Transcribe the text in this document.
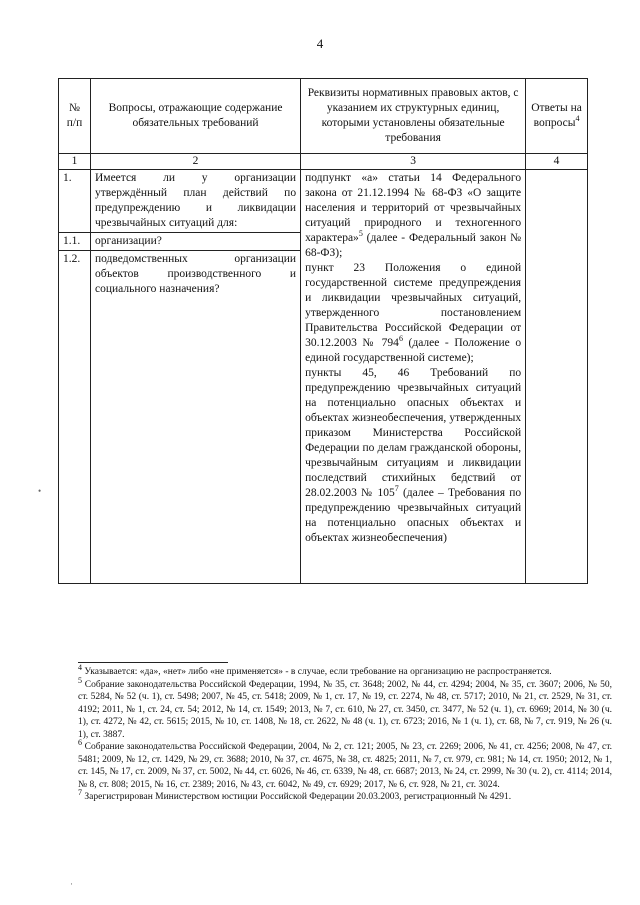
4
№
п/п	Вопросы, отражающие содержание обязательных требований	Реквизиты нормативных правовых актов, с указанием их структурных единиц, которыми установлены обязательные требования	Ответы на вопросы$^4$
1	2	3	4
1.	Имеется ли у организации утверждённый план действий по предупреждению и ликвидации чрезвычайных ситуаций для:	подпункт «а» статьи 14 Федерального закона от 21.12.1994 № 68-ФЗ «О защите населения и территорий от чрезвычайных ситуаций природного и техногенного характера»$^5$ (далее - Федеральный закон № 68-ФЗ);

пункт 23 Положения о единой государственной системе предупреждения и ликвидации чрезвычайных ситуаций, утвержденного постановлением Правительства Российской Федерации от 30.12.2003 № $794^6$ (далее - Положение о единой государственной системе);

пункты 45, 46 Требований по предупреждению чрезвычайных ситуаций на потенциально опасных объектах и объектах жизнеобеспечения, утвержденных приказом Министерства Российской Федерации по делам гражданской обороны, чрезвычайным ситуациям и ликвидации последствий стихийных бедствий от 28.02.2003 № $105^7$ (далее – Требования по предупреждению чрезвычайных ситуаций на потенциально опасных объектах и объектах жизнеобеспечения)	

1.1.	организации?		
1.2.	подведомственных организации объектов производственного и социального назначения?		
•
·

$^4$ Указывается: «да», «нет» либо «не применяется» - в случае, если требование на организацию не распространяется.

$^5$ Собрание законодательства Российской Федерации, 1994, № 35, ст. 3648; 2002, № 44, ст. 4294; 2004, № 35, ст. 3607; 2006, № 50, ст. 5284, № 52 (ч. 1), ст. 5498; 2007, № 45, ст. 5418; 2009, № 1, ст. 17, № 19, ст. 2274, № 48, ст. 5717; 2010, № 21, ст. 2529, № 31, ст. 4192; 2011, № 1, ст. 24, ст. 54; 2012, № 14, ст. 1549; 2013, № 7, ст. 610, № 27, ст. 3450, ст. 3477, № 52 (ч. 1), ст. 6969; 2014, № 30 (ч. 1), ст. 4272, № 42, ст. 5615; 2015, № 10, ст. 1408, № 18, ст. 2622, № 48 (ч. 1), ст. 6723; 2016, № 1 (ч. 1), ст. 68, № 7, ст. 919, № 26 (ч. 1), ст. 3887.

$^6$ Собрание законодательства Российской Федерации, 2004, № 2, ст. 121; 2005, № 23, ст. 2269; 2006, № 41, ст. 4256; 2008, № 47, ст. 5481; 2009, № 12, ст. 1429, № 29, ст. 3688; 2010, № 37, ст. 4675, № 38, ст. 4825; 2011, № 7, ст. 979, ст. 981; № 14, ст. 1950; 2012, № 1, ст. 145, № 17, ст. 2009, № 37, ст. 5002, № 44, ст. 6026, № 46, ст. 6339, № 48, ст. 6687; 2013, № 24, ст. 2999, № 30 (ч. 2), ст. 4114; 2014, № 8, ст. 808; 2015, № 16, ст. 2389; 2016, № 43, ст. 6042, № 49, ст. 6929; 2017, № 6, ст. 928, № 21, ст. 3024.

$^7$ Зарегистрирован Министерством юстиции Российской Федерации 20.03.2003, регистрационный № 4291.
